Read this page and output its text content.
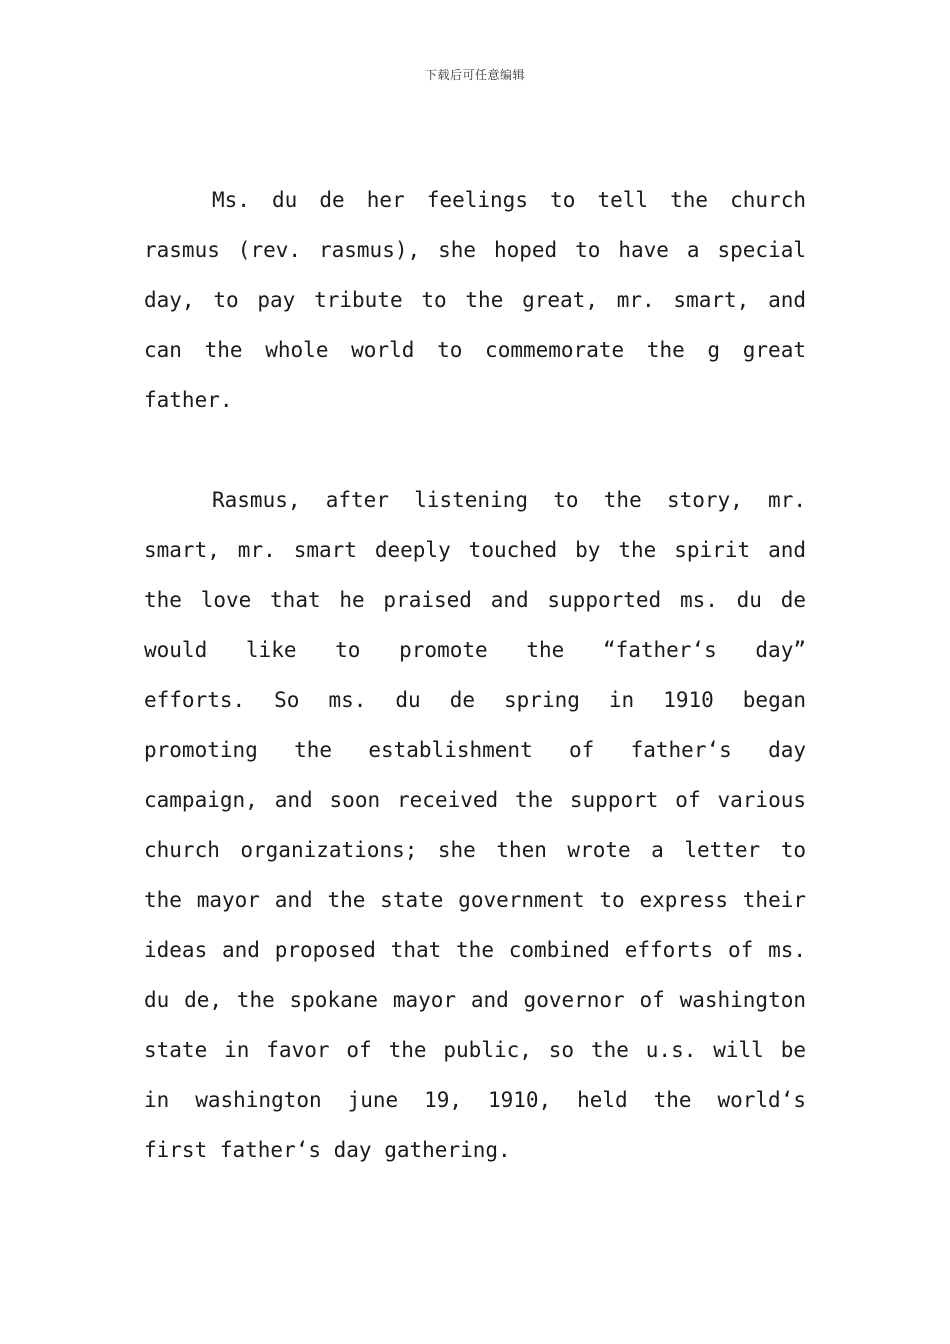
下载后可任意编辑
Ms. du de her feelings to tell the church
rasmus (rev. rasmus), she hoped to have a special
day, to pay tribute to the great, mr. smart, and
can the whole world to commemorate the g great
father.
Rasmus, after listening to the story, mr.
smart, mr. smart deeply touched by the spirit and
the love that he praised and supported ms. du de
would like to promote the “father‘s day”
efforts. So ms. du de spring in 1910 began
promoting the establishment of father‘s day
campaign, and soon received the support of various
church organizations; she then wrote a letter to
the mayor and the state government to express their
ideas and proposed that the combined efforts of ms.
du de, the spokane mayor and governor of washington
state in favor of the public, so the u.s. will be
in washington june 19, 1910, held the world‘s
first father‘s day gathering.
